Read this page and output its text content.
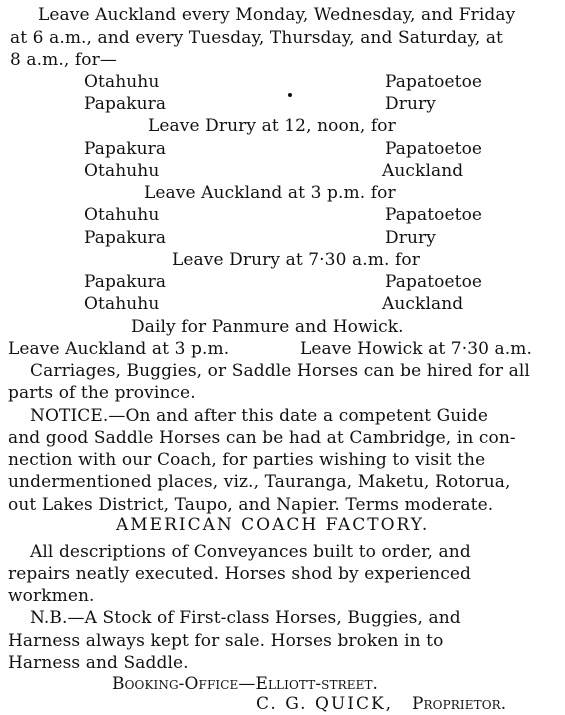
Leave Auckland every Monday, Wednesday, and Friday
at 6 a.m., and every Tuesday, Thursday, and Saturday, at
8 a.m., for—
Otahuhu	Papatoetoe
Papakura	Drury
Leave Drury at 12, noon, for
Papakura	Papatoetoe
Otahuhu	Auckland
Leave Auckland at 3 p.m. for
Otahuhu	Papatoetoe
Papakura	Drury
Leave Drury at 7·30 a.m. for
Papakura	Papatoetoe
Otahuhu	Auckland
Daily for Panmure and Howick.
Leave Auckland at 3 p.m.	Leave Howick at 7·30 a.m.
Carriages, Buggies, or Saddle Horses can be hired for all
parts of the province.
NOTICE.—On and after this date a competent Guide
and good Saddle Horses can be had at Cambridge, in con-
nection with our Coach, for parties wishing to visit the
undermentioned places, viz., Tauranga, Maketu, Rotorua,
out Lakes District, Taupo, and Napier. Terms moderate.
AMERICAN COACH FACTORY.
All descriptions of Conveyances built to order, and
repairs neatly executed. Horses shod by experienced
workmen.
N.B.—A Stock of First-class Horses, Buggies, and
Harness always kept for sale. Horses broken in to
Harness and Saddle.
Booking-Office—Elliott-street.
C. G. QUICK, Proprietor.
